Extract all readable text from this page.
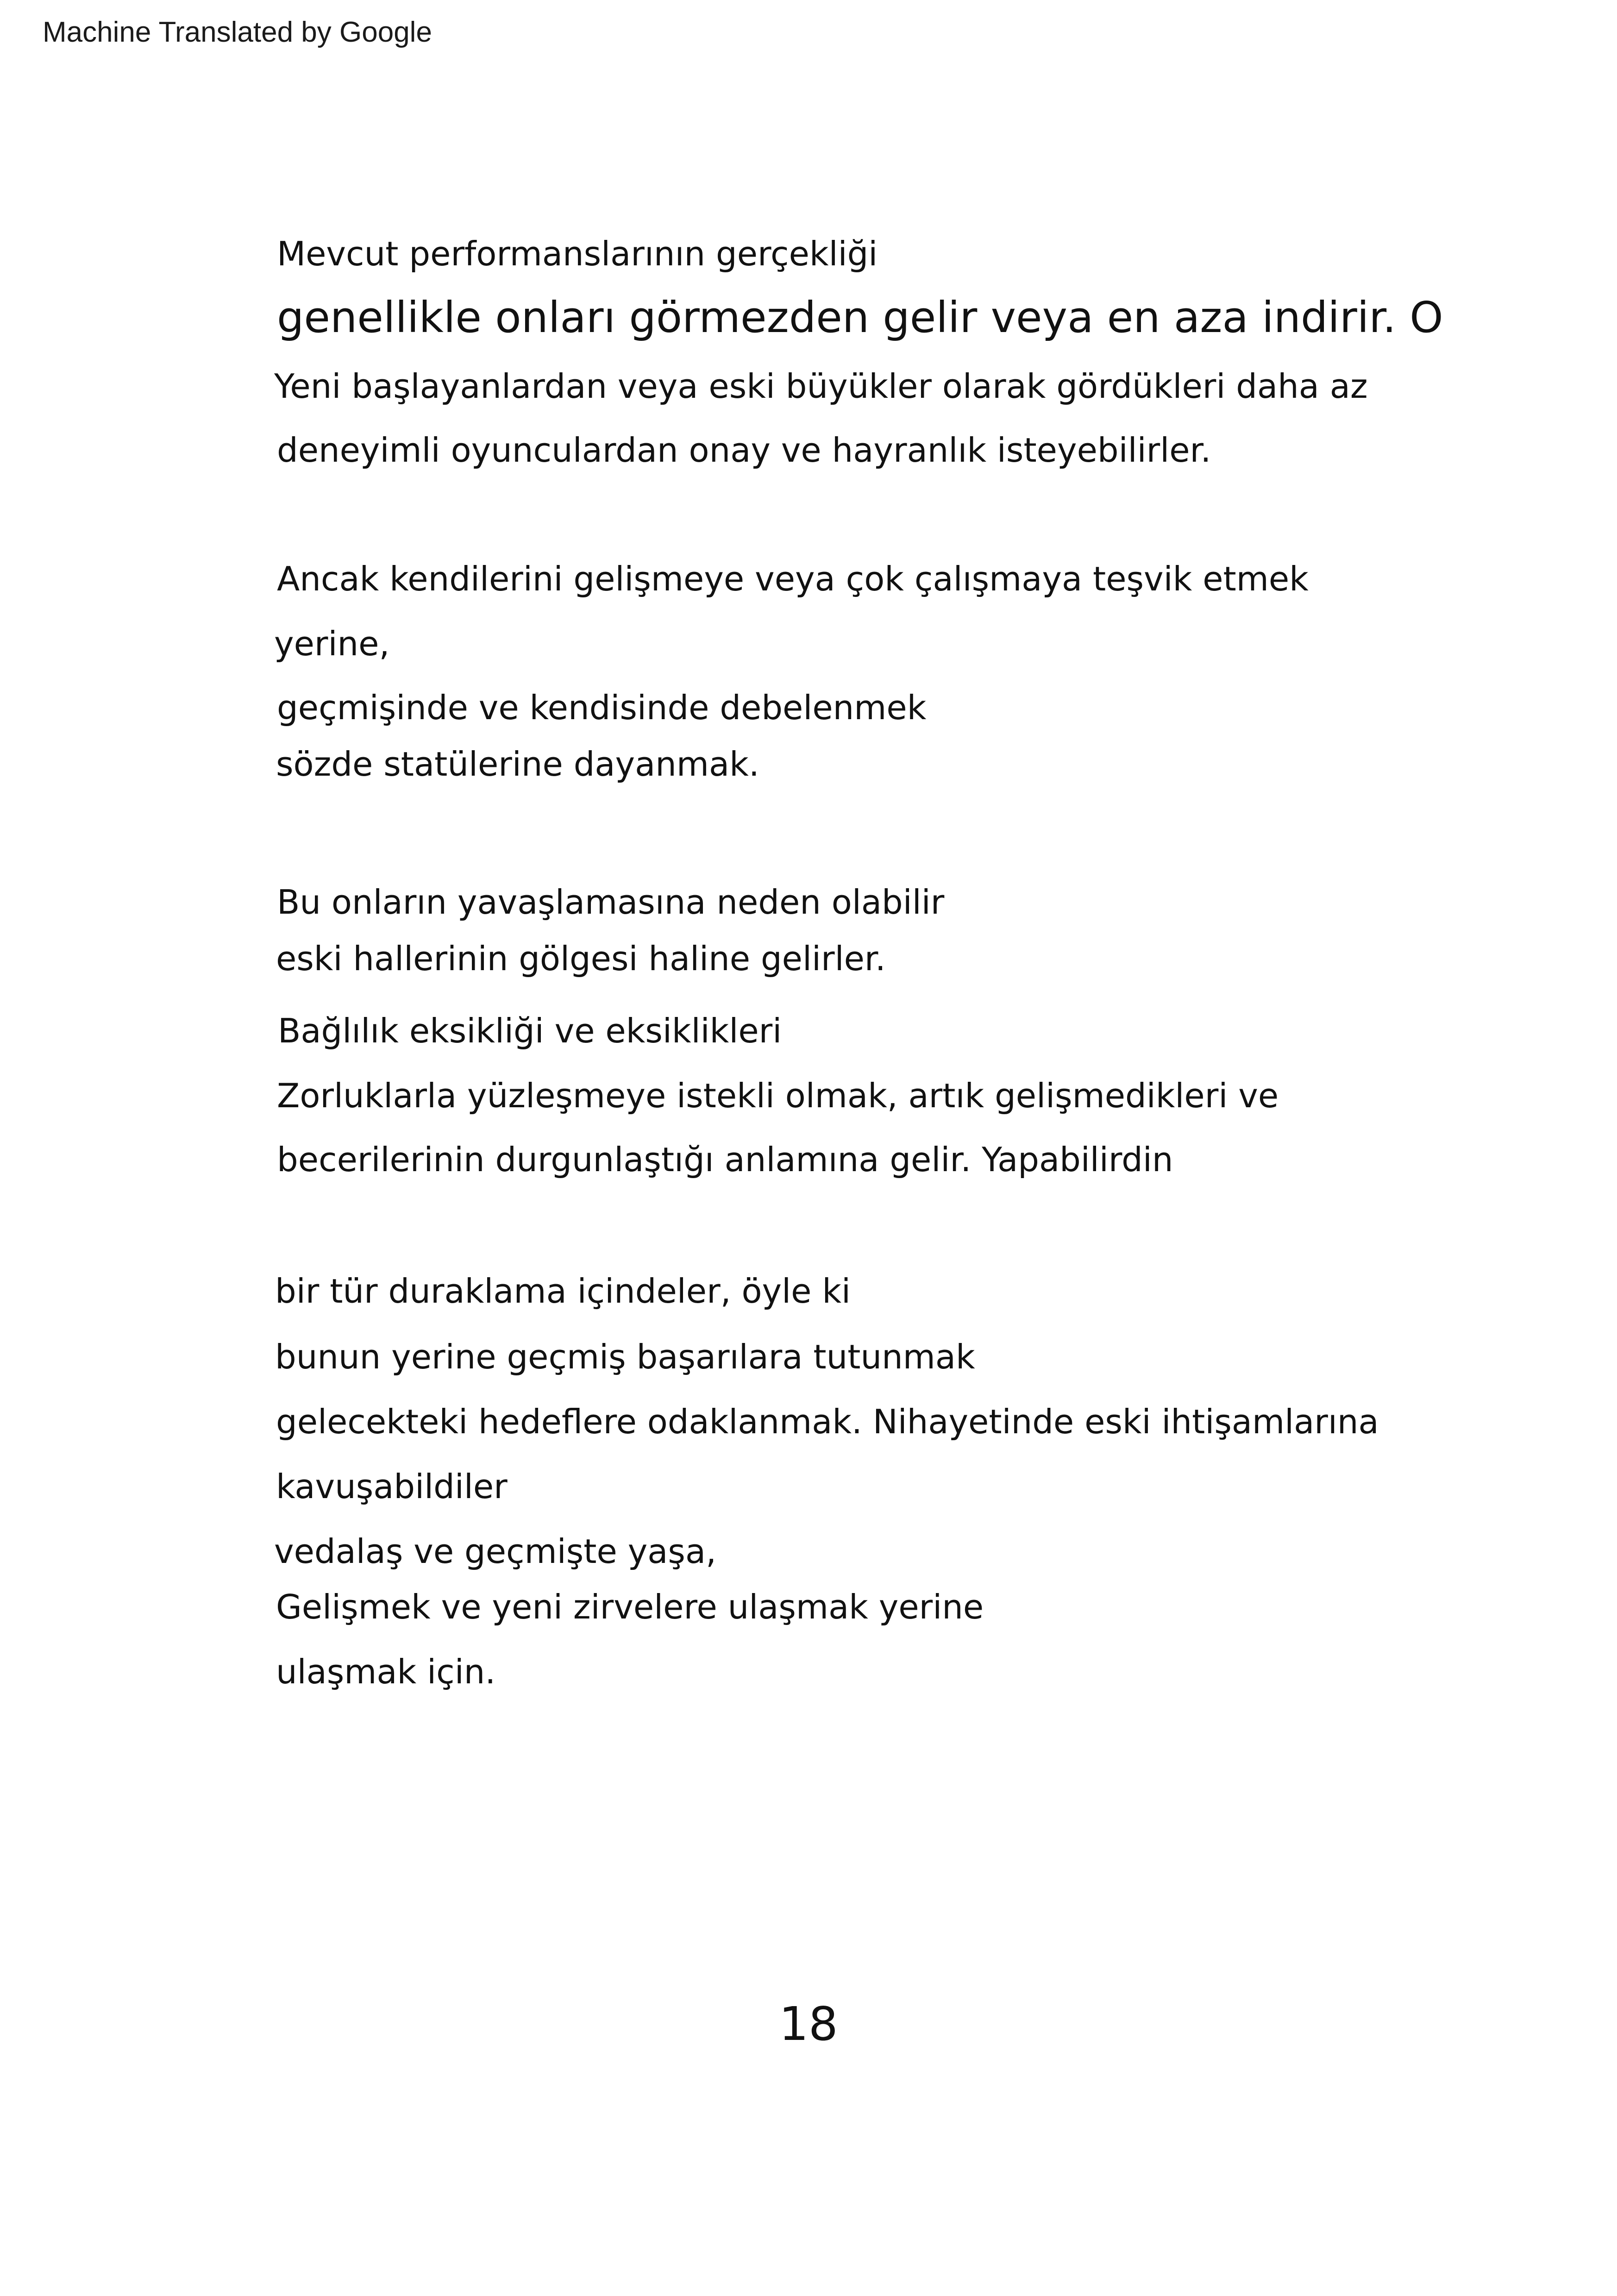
Machine Translated by Google
Mevcut performanslarının gerçekliği
genellikle onları görmezden gelir veya en aza indirir. O
Yeni başlayanlardan veya eski büyükler olarak gördükleri daha az
deneyimli oyunculardan onay ve hayranlık isteyebilirler.
Ancak kendilerini gelişmeye veya çok çalışmaya teşvik etmek
yerine,
geçmişinde ve kendisinde debelenmek
sözde statülerine dayanmak.
Bu onların yavaşlamasına neden olabilir
eski hallerinin gölgesi haline gelirler.
Bağlılık eksikliği ve eksiklikleri
Zorluklarla yüzleşmeye istekli olmak, artık gelişmedikleri ve
becerilerinin durgunlaştığı anlamına gelir. Yapabilirdin
bir tür duraklama içindeler, öyle ki
bunun yerine geçmiş başarılara tutunmak
gelecekteki hedeflere odaklanmak. Nihayetinde eski ihtişamlarına
kavuşabildiler
vedalaş ve geçmişte yaşa,
Gelişmek ve yeni zirvelere ulaşmak yerine
ulaşmak için.
18
